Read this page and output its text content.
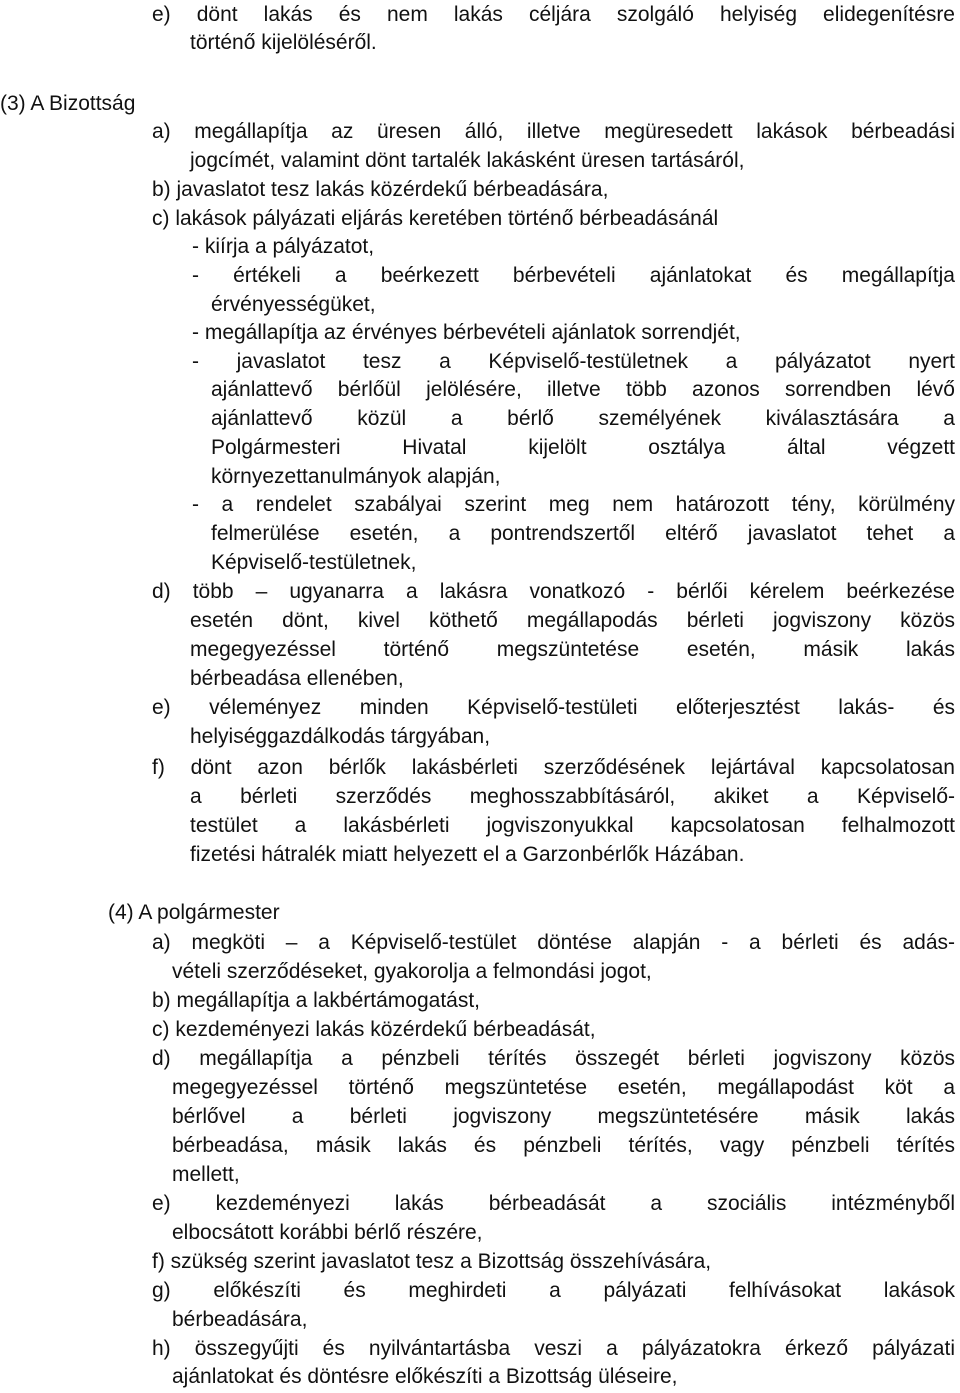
e) dönt lakás és nem lakás céljára szolgáló helyiség elidegenítésre
történő kijelöléséről.
(3) A Bizottság
a) megállapítja az üresen álló, illetve megüresedett lakások bérbeadási
jogcímét, valamint dönt tartalék lakásként üresen tartásáról,
b) javaslatot tesz lakás közérdekű bérbeadására,
c) lakások pályázati eljárás keretében történő bérbeadásánál
- kiírja a pályázatot,
- értékeli a beérkezett bérbevételi ajánlatokat és megállapítja
érvényességüket,
- megállapítja az érvényes bérbevételi ajánlatok sorrendjét,
- javaslatot tesz a Képviselő-testületnek a pályázatot nyert
ajánlattevő bérlőül jelölésére, illetve több azonos sorrendben lévő
ajánlattevő közül a bérlő személyének kiválasztására a
Polgármesteri Hivatal kijelölt osztálya által végzett
környezettanulmányok alapján,
- a rendelet szabályai szerint meg nem határozott tény, körülmény
felmerülése esetén, a pontrendszertől eltérő javaslatot tehet a
Képviselő-testületnek,
d) több – ugyanarra a lakásra vonatkozó - bérlői kérelem beérkezése
esetén dönt, kivel köthető megállapodás bérleti jogviszony közös
megegyezéssel történő megszüntetése esetén, másik lakás
bérbeadása ellenében,
e) véleményez minden Képviselő-testületi előterjesztést lakás- és
helyiséggazdálkodás tárgyában,
f) dönt azon bérlők lakásbérleti szerződésének lejártával kapcsolatosan
a bérleti szerződés meghosszabbításáról, akiket a Képviselő-
testület a lakásbérleti jogviszonyukkal kapcsolatosan felhalmozott
fizetési hátralék miatt helyezett el a Garzonbérlők Házában.
(4) A polgármester
a) megköti – a Képviselő-testület döntése alapján - a bérleti és adás-
vételi szerződéseket, gyakorolja a felmondási jogot,
b) megállapítja a lakbértámogatást,
c) kezdeményezi lakás közérdekű bérbeadását,
d) megállapítja a pénzbeli térítés összegét bérleti jogviszony közös
megegyezéssel történő megszüntetése esetén, megállapodást köt a
bérlővel a bérleti jogviszony megszüntetésére másik lakás
bérbeadása, másik lakás és pénzbeli térítés, vagy pénzbeli térítés
mellett,
e) kezdeményezi lakás bérbeadását a szociális intézményből
elbocsátott korábbi bérlő részére,
f) szükség szerint javaslatot tesz a Bizottság összehívására,
g) előkészíti és meghirdeti a pályázati felhívásokat lakások
bérbeadására,
h) összegyűjti és nyilvántartásba veszi a pályázatokra érkező pályázati
ajánlatokat és döntésre előkészíti a Bizottság üléseire,
